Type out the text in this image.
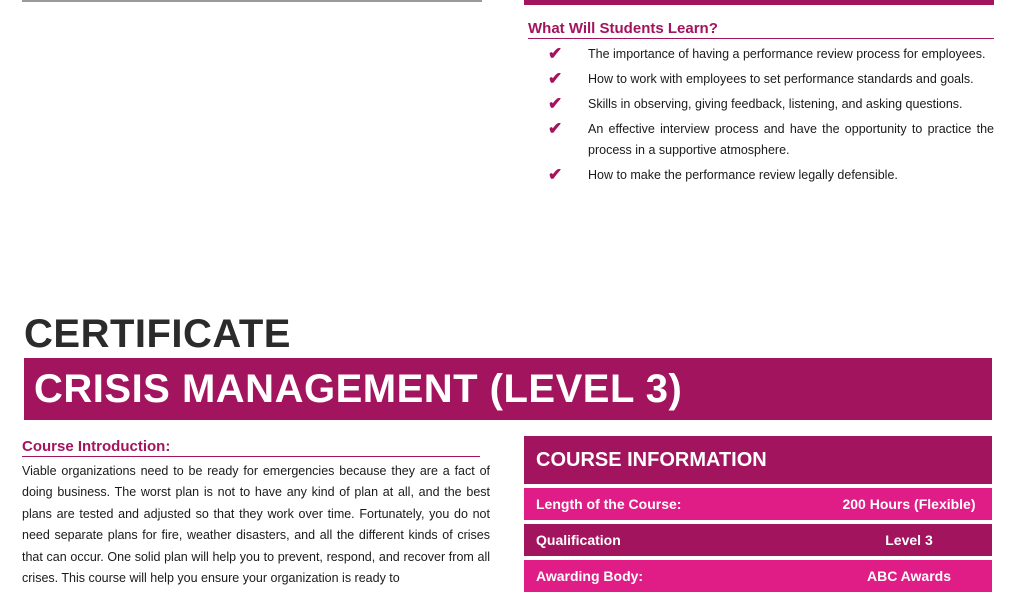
What Will Students Learn?
✔	The importance of having a performance review process for employees.
✔	How to work with employees to set performance standards and goals.
✔	Skills in observing, giving feedback, listening, and asking questions.
✔	An effective interview process and have the opportunity to practice the process in a supportive atmosphere.
✔	How to make the performance review legally defensible.
CERTIFICATE
CRISIS MANAGEMENT (LEVEL 3)
Course Introduction:
Viable organizations need to be ready for emergencies because they are a fact of doing business. The worst plan is not to have any kind of plan at all, and the best plans are tested and adjusted so that they work over time. Fortunately, you do not need separate plans for fire, weather disasters, and all the different kinds of crises that can occur. One solid plan will help you to prevent, respond, and recover from all crises. This course will help you ensure your organization is ready to
COURSE INFORMATION
Length of the Course:	200 Hours (Flexible)
Qualification	Level 3
Awarding Body:	ABC Awards
